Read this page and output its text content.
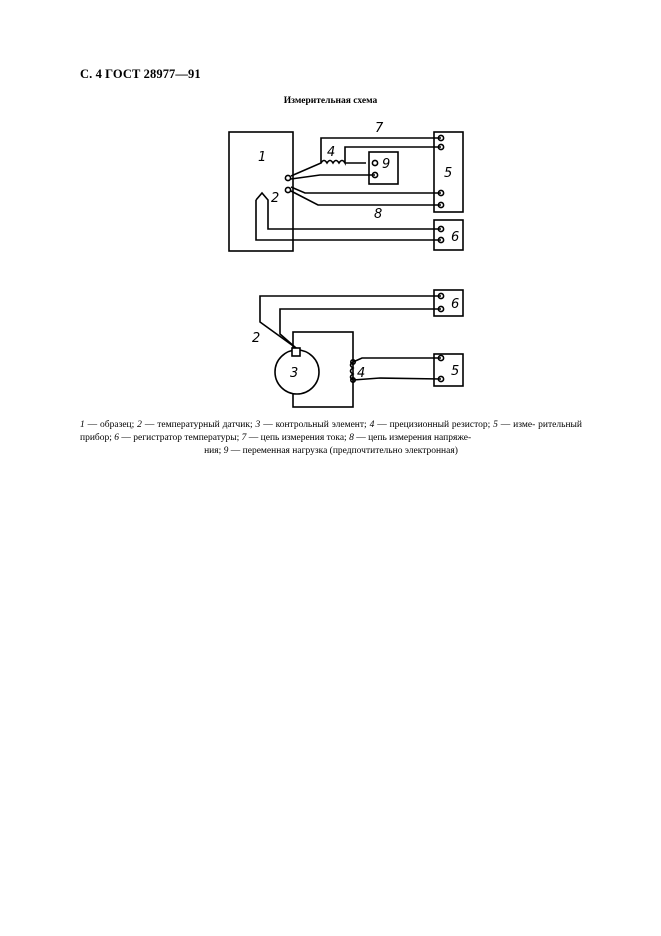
С. 4 ГОСТ 28977—91
Измерительная схема
1
2
4
5
6
7
8
9
2
3	4	5
6
1 — образец; 2 — температурный датчик; 3 — контрольный элемент; 4 — прецизионный резистор; 5 — изме- рительный прибор; 6 — регистратор температуры; 7 — цепь измерения тока; 8 — цепь измерения напряже-
ния; 9 — переменная нагрузка (предпочтительно электронная)
